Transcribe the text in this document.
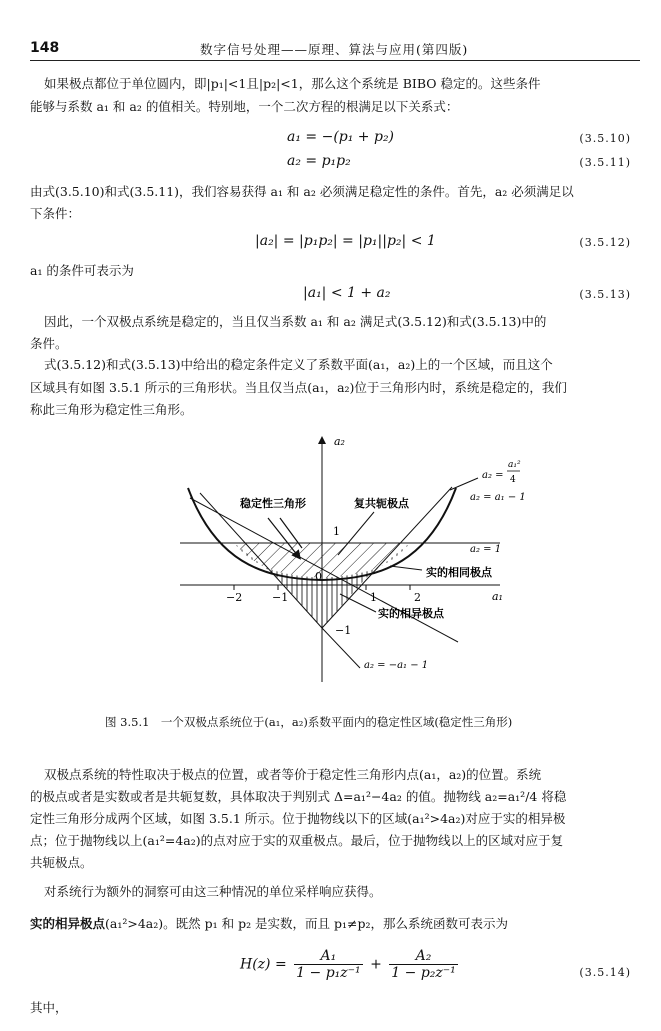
148	数字信号处理——原理、算法与应用(第四版)
如果极点都位于单位圆内，即|p₁|<1且|p₂|<1，那么这个系统是 BIBO 稳定的。这些条件
能够与系数 a₁ 和 a₂ 的值相关。特别地，一个二次方程的根满足以下关系式：
a₁ = −(p₁ + p₂)	(3.5.10)
a₂ = p₁p₂	(3.5.11)
由式(3.5.10)和式(3.5.11)，我们容易获得 a₁ 和 a₂ 必须满足稳定性的条件。首先，a₂ 必须满足以
下条件：
|a₂| = |p₁p₂| = |p₁||p₂| < 1	(3.5.12)
a₁ 的条件可表示为
|a₁| < 1 + a₂	(3.5.13)
因此，一个双极点系统是稳定的，当且仅当系数 a₁ 和 a₂ 满足式(3.5.12)和式(3.5.13)中的
条件。
式(3.5.12)和式(3.5.13)中给出的稳定条件定义了系数平面(a₁，a₂)上的一个区域，而且这个
区域具有如图 3.5.1 所示的三角形状。当且仅当点(a₁，a₂)位于三角形内时，系统是稳定的，我们
称此三角形为稳定性三角形。
a₂
a₁
−2	−1	1	2
1
−1
0
稳定性三角形	复共轭极点
实的相同极点
实的相异极点
a₂ =
a₁²
4
a₂ = a₁ − 1
a₂ = 1
a₂ = −a₁ − 1
图 3.5.1　一个双极点系统位于(a₁，a₂)系数平面内的稳定性区域(稳定性三角形)
双极点系统的特性取决于极点的位置，或者等价于稳定性三角形内点(a₁，a₂)的位置。系统
的极点或者是实数或者是共轭复数，具体取决于判别式 Δ=a₁²−4a₂ 的值。抛物线 a₂=a₁²/4 将稳
定性三角形分成两个区域，如图 3.5.1 所示。位于抛物线以下的区域(a₁²>4a₂)对应于实的相异极
点；位于抛物线以上(a₁²=4a₂)的点对应于实的双重极点。最后，位于抛物线以上的区域对应于复
共轭极点。
对系统行为额外的洞察可由这三种情况的单位采样响应获得。
实的相异极点(a₁²>4a₂)。既然 p₁ 和 p₂ 是实数，而且 p₁≠p₂，那么系统函数可表示为
$H(z) = \frac{\text{A₁}}{\text{1 − p₁z⁻¹}} + \frac{\text{A₂}}{\text{1 − p₂z⁻¹}}$	(3.5.14)
其中，
